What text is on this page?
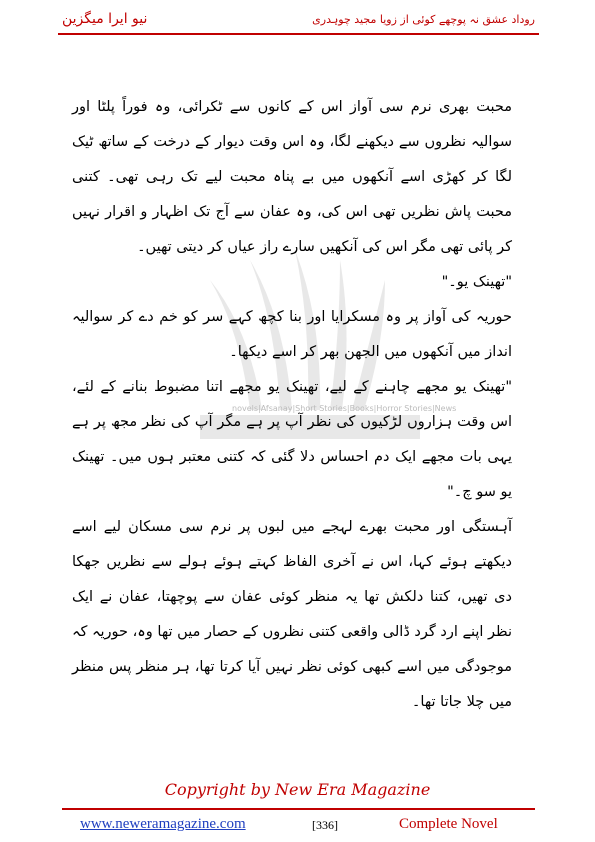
نیو ایرا میگزین	روداد عشق نہ پوچھے کوئی از زویا مجید چوہدری
novels|Afsanay|Short Stories|Books|Horror Stories|News

محبت بھری نرم سی آواز اس کے کانوں سے ٹکرائی، وہ فوراً پلٹا اور سوالیہ نظروں سے دیکھنے لگا، وہ اس وقت دیوار کے درخت کے ساتھ ٹیک لگا کر کھڑی اسے آنکھوں میں بے پناہ محبت لیے تک رہی تھی۔ کتنی محبت پاش نظریں تھی اس کی، وہ عفان سے آج تک اظہار و اقرار نہیں کر پائی تھی مگر اس کی آنکھیں سارے راز عیاں کر دیتی تھیں۔

"تھینک یو۔"

حوریہ کی آواز پر وہ مسکرایا اور بنا کچھ کہے سر کو خم دے کر سوالیہ انداز میں آنکھوں میں الجھن بھر کر اسے دیکھا۔

"تھینک یو مجھے چاہنے کے لیے، تھینک یو مجھے اتنا مضبوط بنانے کے لئے، اس وقت ہزاروں لڑکیوں کی نظر آپ پر ہے مگر آپ کی نظر مجھ پر ہے یہی بات مجھے ایک دم احساس دلا گئی کہ کتنی معتبر ہوں میں۔ تھینک یو سو چ۔"

آہستگی اور محبت بھرے لہجے میں لبوں پر نرم سی مسکان لیے اسے دیکھتے ہوئے کہا، اس نے آخری الفاظ کہتے ہوئے ہولے سے نظریں جھکا دی تھیں، کتنا دلکش تھا یہ منظر کوئی عفان سے پوچھتا، عفان نے ایک نظر اپنے ارد گرد ڈالی واقعی کتنی نظروں کے حصار میں تھا وہ، حوریہ کہ موجودگی میں اسے کبھی کوئی نظر نہیں آیا کرتا تھا، ہر منظر پس منظر میں چلا جاتا تھا۔

Copyright by New Era Magazine
www.neweramagazine.com	[336]	Complete Novel
